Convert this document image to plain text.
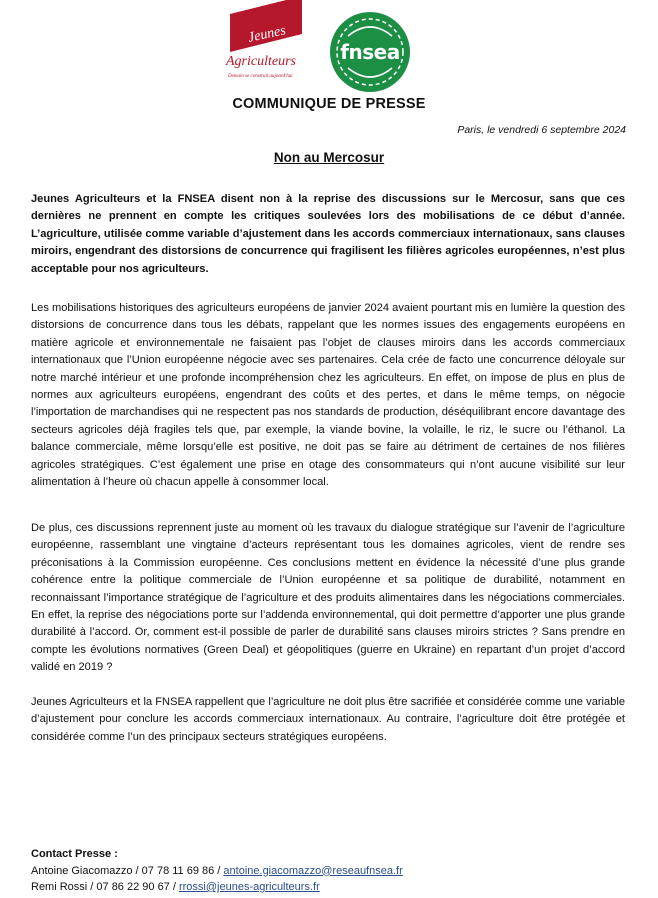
Jeunes
Agriculteurs
Demain se construit aujourd'hui
fnsea
COMMUNIQUE DE PRESSE
Paris, le vendredi 6 septembre 2024
Non au Mercosur

Jeunes Agriculteurs et la FNSEA disent non à la reprise des discussions sur le Mercosur, sans que ces dernières ne prennent en compte les critiques soulevées lors des mobilisations de ce début d’année. L’agriculture, utilisée comme variable d’ajustement dans les accords commerciaux internationaux, sans clauses miroirs, engendrant des distorsions de concurrence qui fragilisent les filières agricoles européennes, n’est plus acceptable pour nos agriculteurs.

Les mobilisations historiques des agriculteurs européens de janvier 2024 avaient pourtant mis en lumière la question des distorsions de concurrence dans tous les débats, rappelant que les normes issues des engagements européens en matière agricole et environnementale ne faisaient pas l’objet de clauses miroirs dans les accords commerciaux internationaux que l’Union européenne négocie avec ses partenaires. Cela crée de facto une concurrence déloyale sur notre marché intérieur et une profonde incompréhension chez les agriculteurs. En effet, on impose de plus en plus de normes aux agriculteurs européens, engendrant des coûts et des pertes, et dans le même temps, on négocie l’importation de marchandises qui ne respectent pas nos standards de production, déséquilibrant encore davantage des secteurs agricoles déjà fragiles tels que, par exemple, la viande bovine, la volaille, le riz, le sucre ou l’éthanol. La balance commerciale, même lorsqu’elle est positive, ne doit pas se faire au détriment de certaines de nos filières agricoles stratégiques. C’est également une prise en otage des consommateurs qui n’ont aucune visibilité sur leur alimentation à l’heure où chacun appelle à consommer local.

De plus, ces discussions reprennent juste au moment où les travaux du dialogue stratégique sur l’avenir de l’agriculture européenne, rassemblant une vingtaine d’acteurs représentant tous les domaines agricoles, vient de rendre ses préconisations à la Commission européenne. Ces conclusions mettent en évidence la nécessité d’une plus grande cohérence entre la politique commerciale de l’Union européenne et sa politique de durabilité, notamment en reconnaissant l’importance stratégique de l’agriculture et des produits alimentaires dans les négociations commerciales. En effet, la reprise des négociations porte sur l’addenda environnemental, qui doit permettre d’apporter une plus grande durabilité à l’accord. Or, comment est-il possible de parler de durabilité sans clauses miroirs strictes ? Sans prendre en compte les évolutions normatives (Green Deal) et géopolitiques (guerre en Ukraine) en repartant d’un projet d’accord validé en 2019 ?

Jeunes Agriculteurs et la FNSEA rappellent que l’agriculture ne doit plus être sacrifiée et considérée comme une variable d’ajustement pour conclure les accords commerciaux internationaux. Au contraire, l’agriculture doit être protégée et considérée comme l’un des principaux secteurs stratégiques européens.

Contact Presse :
Antoine Giacomazzo / 07 78 11 69 86 / antoine.giacomazzo@reseaufnsea.fr
Remi Rossi / 07 86 22 90 67 / rrossi@jeunes-agriculteurs.fr
